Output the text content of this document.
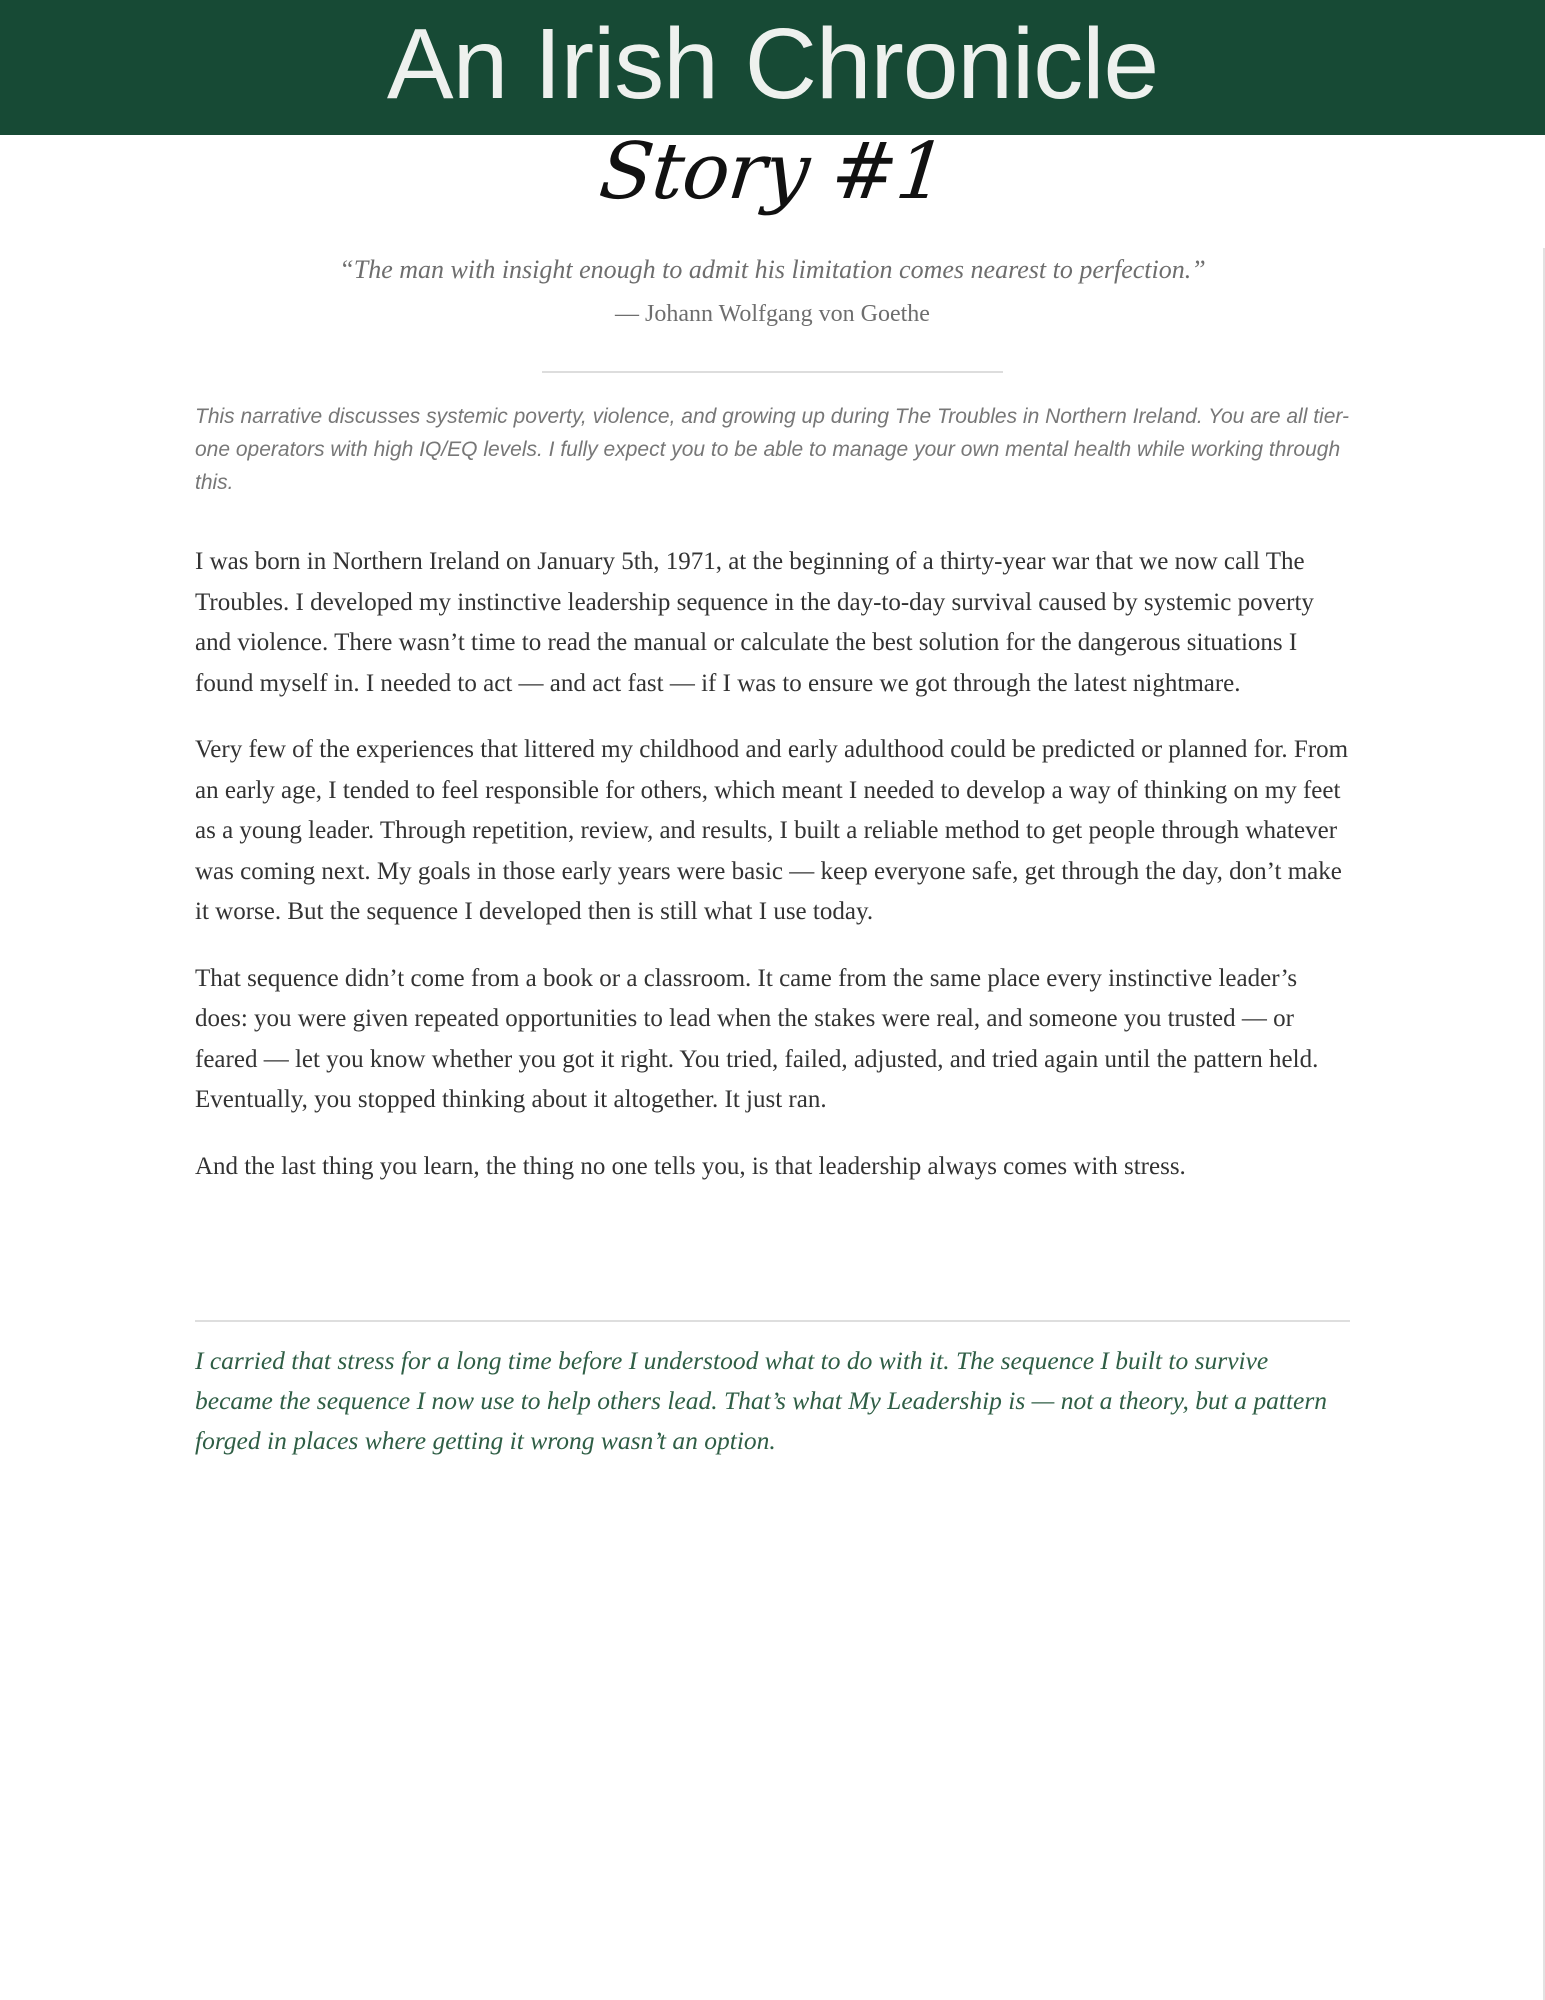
An Irish Chronicle
Story #1
“The man with insight enough to admit his limitation comes nearest to perfection.”
— Johann Wolfgang von Goethe

This narrative discusses systemic poverty, violence, and growing up during The Troubles in Northern Ireland. You are all tier-one operators with high IQ/EQ levels. I fully expect you to be able to manage your own mental health while working through this.

I was born in Northern Ireland on January 5th, 1971, at the beginning of a thirty-year war that we now call The Troubles. I developed my instinctive leadership sequence in the day-to-day survival caused by systemic poverty and violence. There wasn’t time to read the manual or calculate the best solution for the dangerous situations I found myself in. I needed to act — and act fast — if I was to ensure we got through the latest nightmare.

Very few of the experiences that littered my childhood and early adulthood could be predicted or planned for. From an early age, I tended to feel responsible for others, which meant I needed to develop a way of thinking on my feet as a young leader. Through repetition, review, and results, I built a reliable method to get people through whatever was coming next. My goals in those early years were basic — keep everyone safe, get through the day, don’t make it worse. But the sequence I developed then is still what I use today.

That sequence didn’t come from a book or a classroom. It came from the same place every instinctive leader’s does: you were given repeated opportunities to lead when the stakes were real, and someone you trusted — or feared — let you know whether you got it right. You tried, failed, adjusted, and tried again until the pattern held. Eventually, you stopped thinking about it altogether. It just ran.

And the last thing you learn, the thing no one tells you, is that leadership always comes with stress.

I carried that stress for a long time before I understood what to do with it. The sequence I built to survive became the sequence I now use to help others lead. That’s what My Leadership is — not a theory, but a pattern forged in places where getting it wrong wasn’t an option.
